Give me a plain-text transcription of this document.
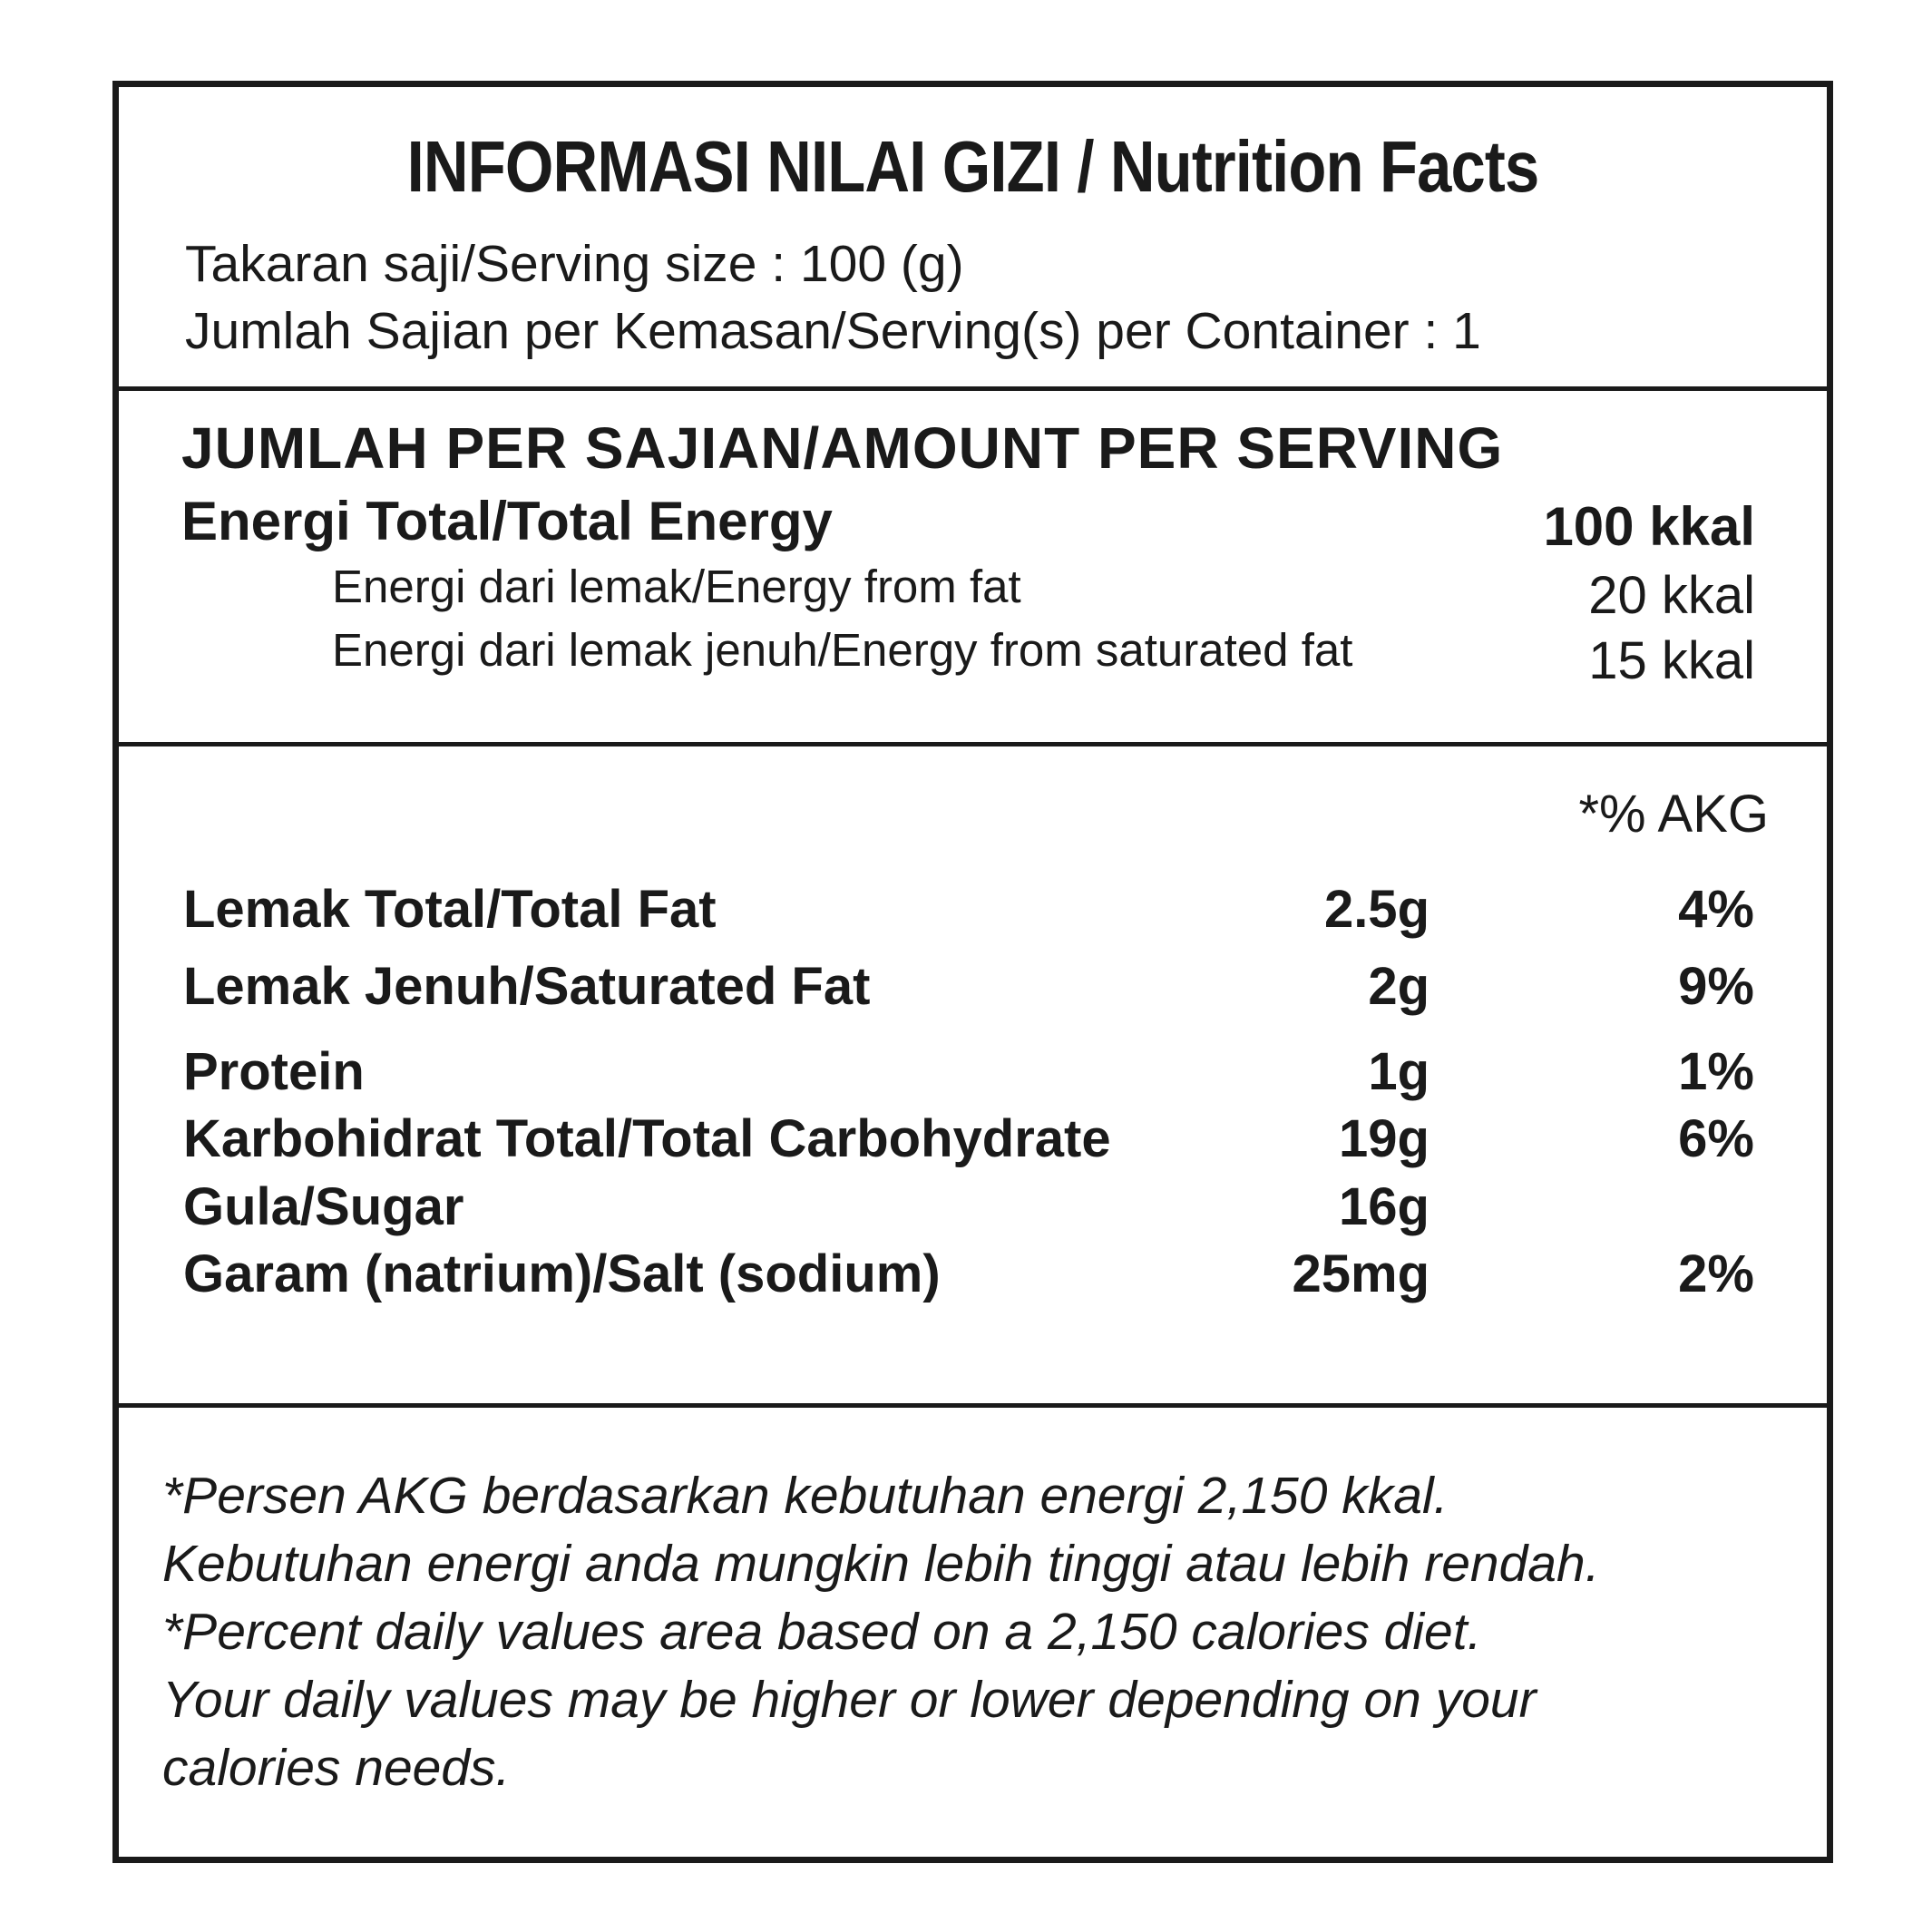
INFORMASI NILAI GIZI / Nutrition Facts
Takaran saji/Serving size : 100 (g)
Jumlah Sajian per Kemasan/Serving(s) per Container : 1
JUMLAH PER SAJIAN/AMOUNT PER SERVING
Energi Total/Total Energy	100 kkal
Energi dari lemak/Energy from fat	20 kkal
Energi dari lemak jenuh/Energy from saturated fat	15 kkal
*% AKG
Lemak Total/Total Fat	2.5g	4%
Lemak Jenuh/Saturated Fat	2g	9%
Protein	1g	1%
Karbohidrat Total/Total Carbohydrate	19g	6%
Gula/Sugar	16g
Garam (natrium)/Salt (sodium)	25mg	2%
*Persen AKG berdasarkan kebutuhan energi 2,150 kkal.
Kebutuhan energi anda mungkin lebih tinggi atau lebih rendah.
*Percent daily values area based on a 2,150 calories diet.
Your daily values may be higher or lower depending on your
calories needs.
